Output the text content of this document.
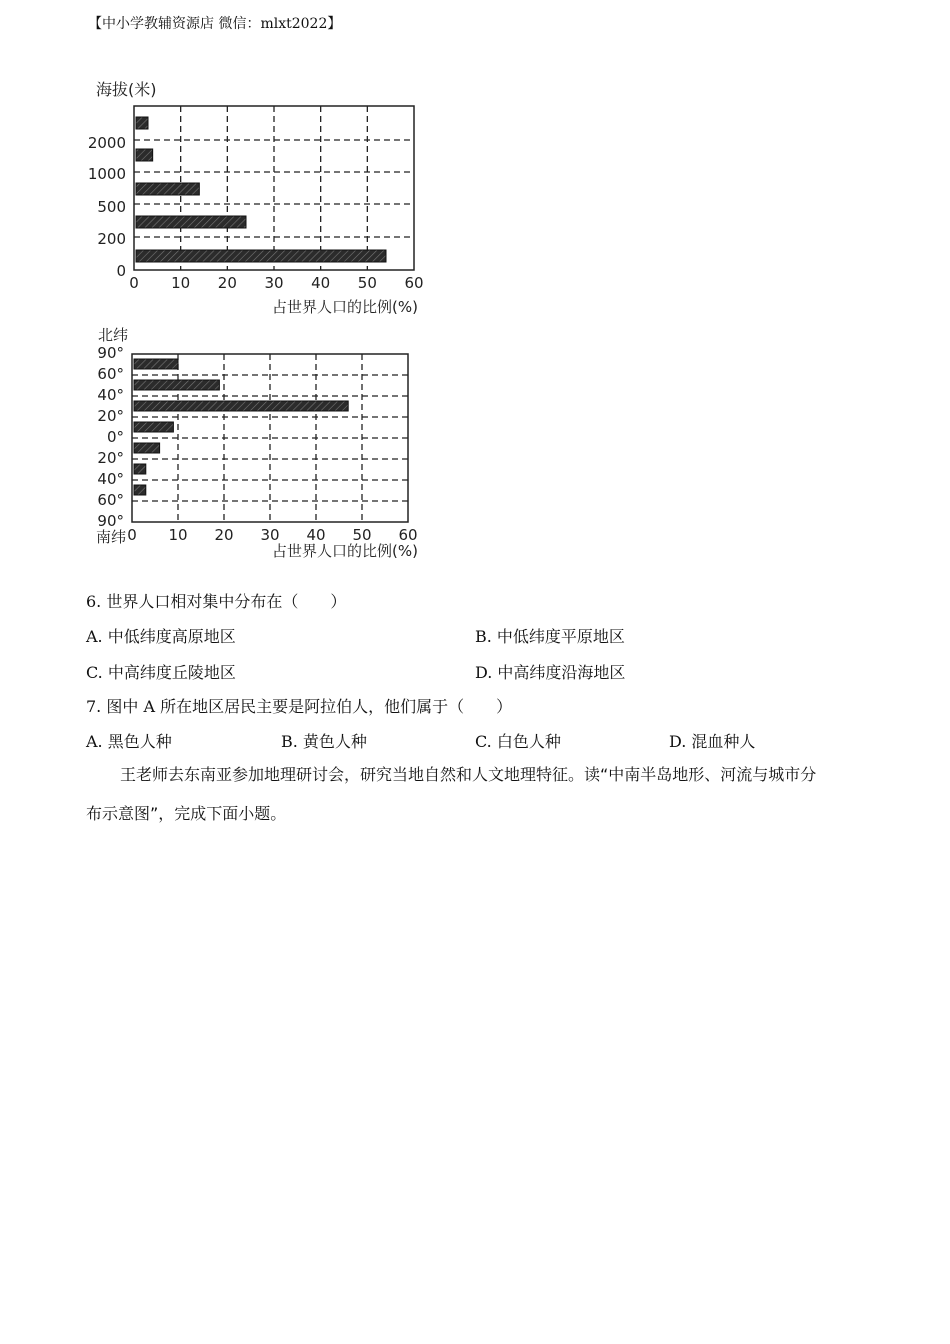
【中小学教辅资源店 微信：mlxt2022】
海拔(米)
2000
1000
500
200
0
0 10 20 30 40 50 60
占世界人口的比例(%)
北纬
南纬
90°
60°
40°
20°
0°
20°
40°
60°
90°
0 10 20 30 40 50 60
占世界人口的比例(%)
6. 世界人口相对集中分布在（　　）
A. 中低纬度高原地区	B. 中低纬度平原地区
C. 中高纬度丘陵地区	D. 中高纬度沿海地区
7. 图中 A 所在地区居民主要是阿拉伯人，他们属于（　　）
A. 黑色人种	B. 黄色人种	C. 白色人种	D. 混血种人
王老师去东南亚参加地理研讨会，研究当地自然和人文地理特征。读“中南半岛地形、河流与城市分
布示意图”，完成下面小题。
